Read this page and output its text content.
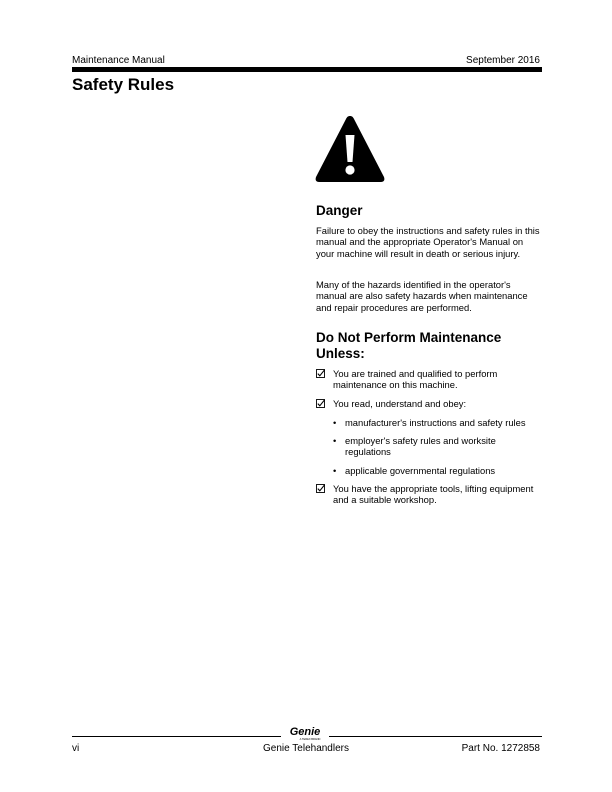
Maintenance Manual	September 2016
Safety Rules
Danger

Failure to obey the instructions and safety rules in this manual and the appropriate Operator's Manual on your machine will result in death or serious injury.

Many of the hazards identified in the operator's manual are also safety hazards when maintenance and repair procedures are performed.

Do Not Perform Maintenance Unless:
You are trained and qualified to perform maintenance on this machine.
You read, understand and obey:
• manufacturer's instructions and safety rules
• employer's safety rules and worksite regulations
• applicable governmental regulations
You have the appropriate tools, lifting equipment and a suitable workshop.
Genie
A TEREX BRAND
vi	Genie Telehandlers	Part No. 1272858
